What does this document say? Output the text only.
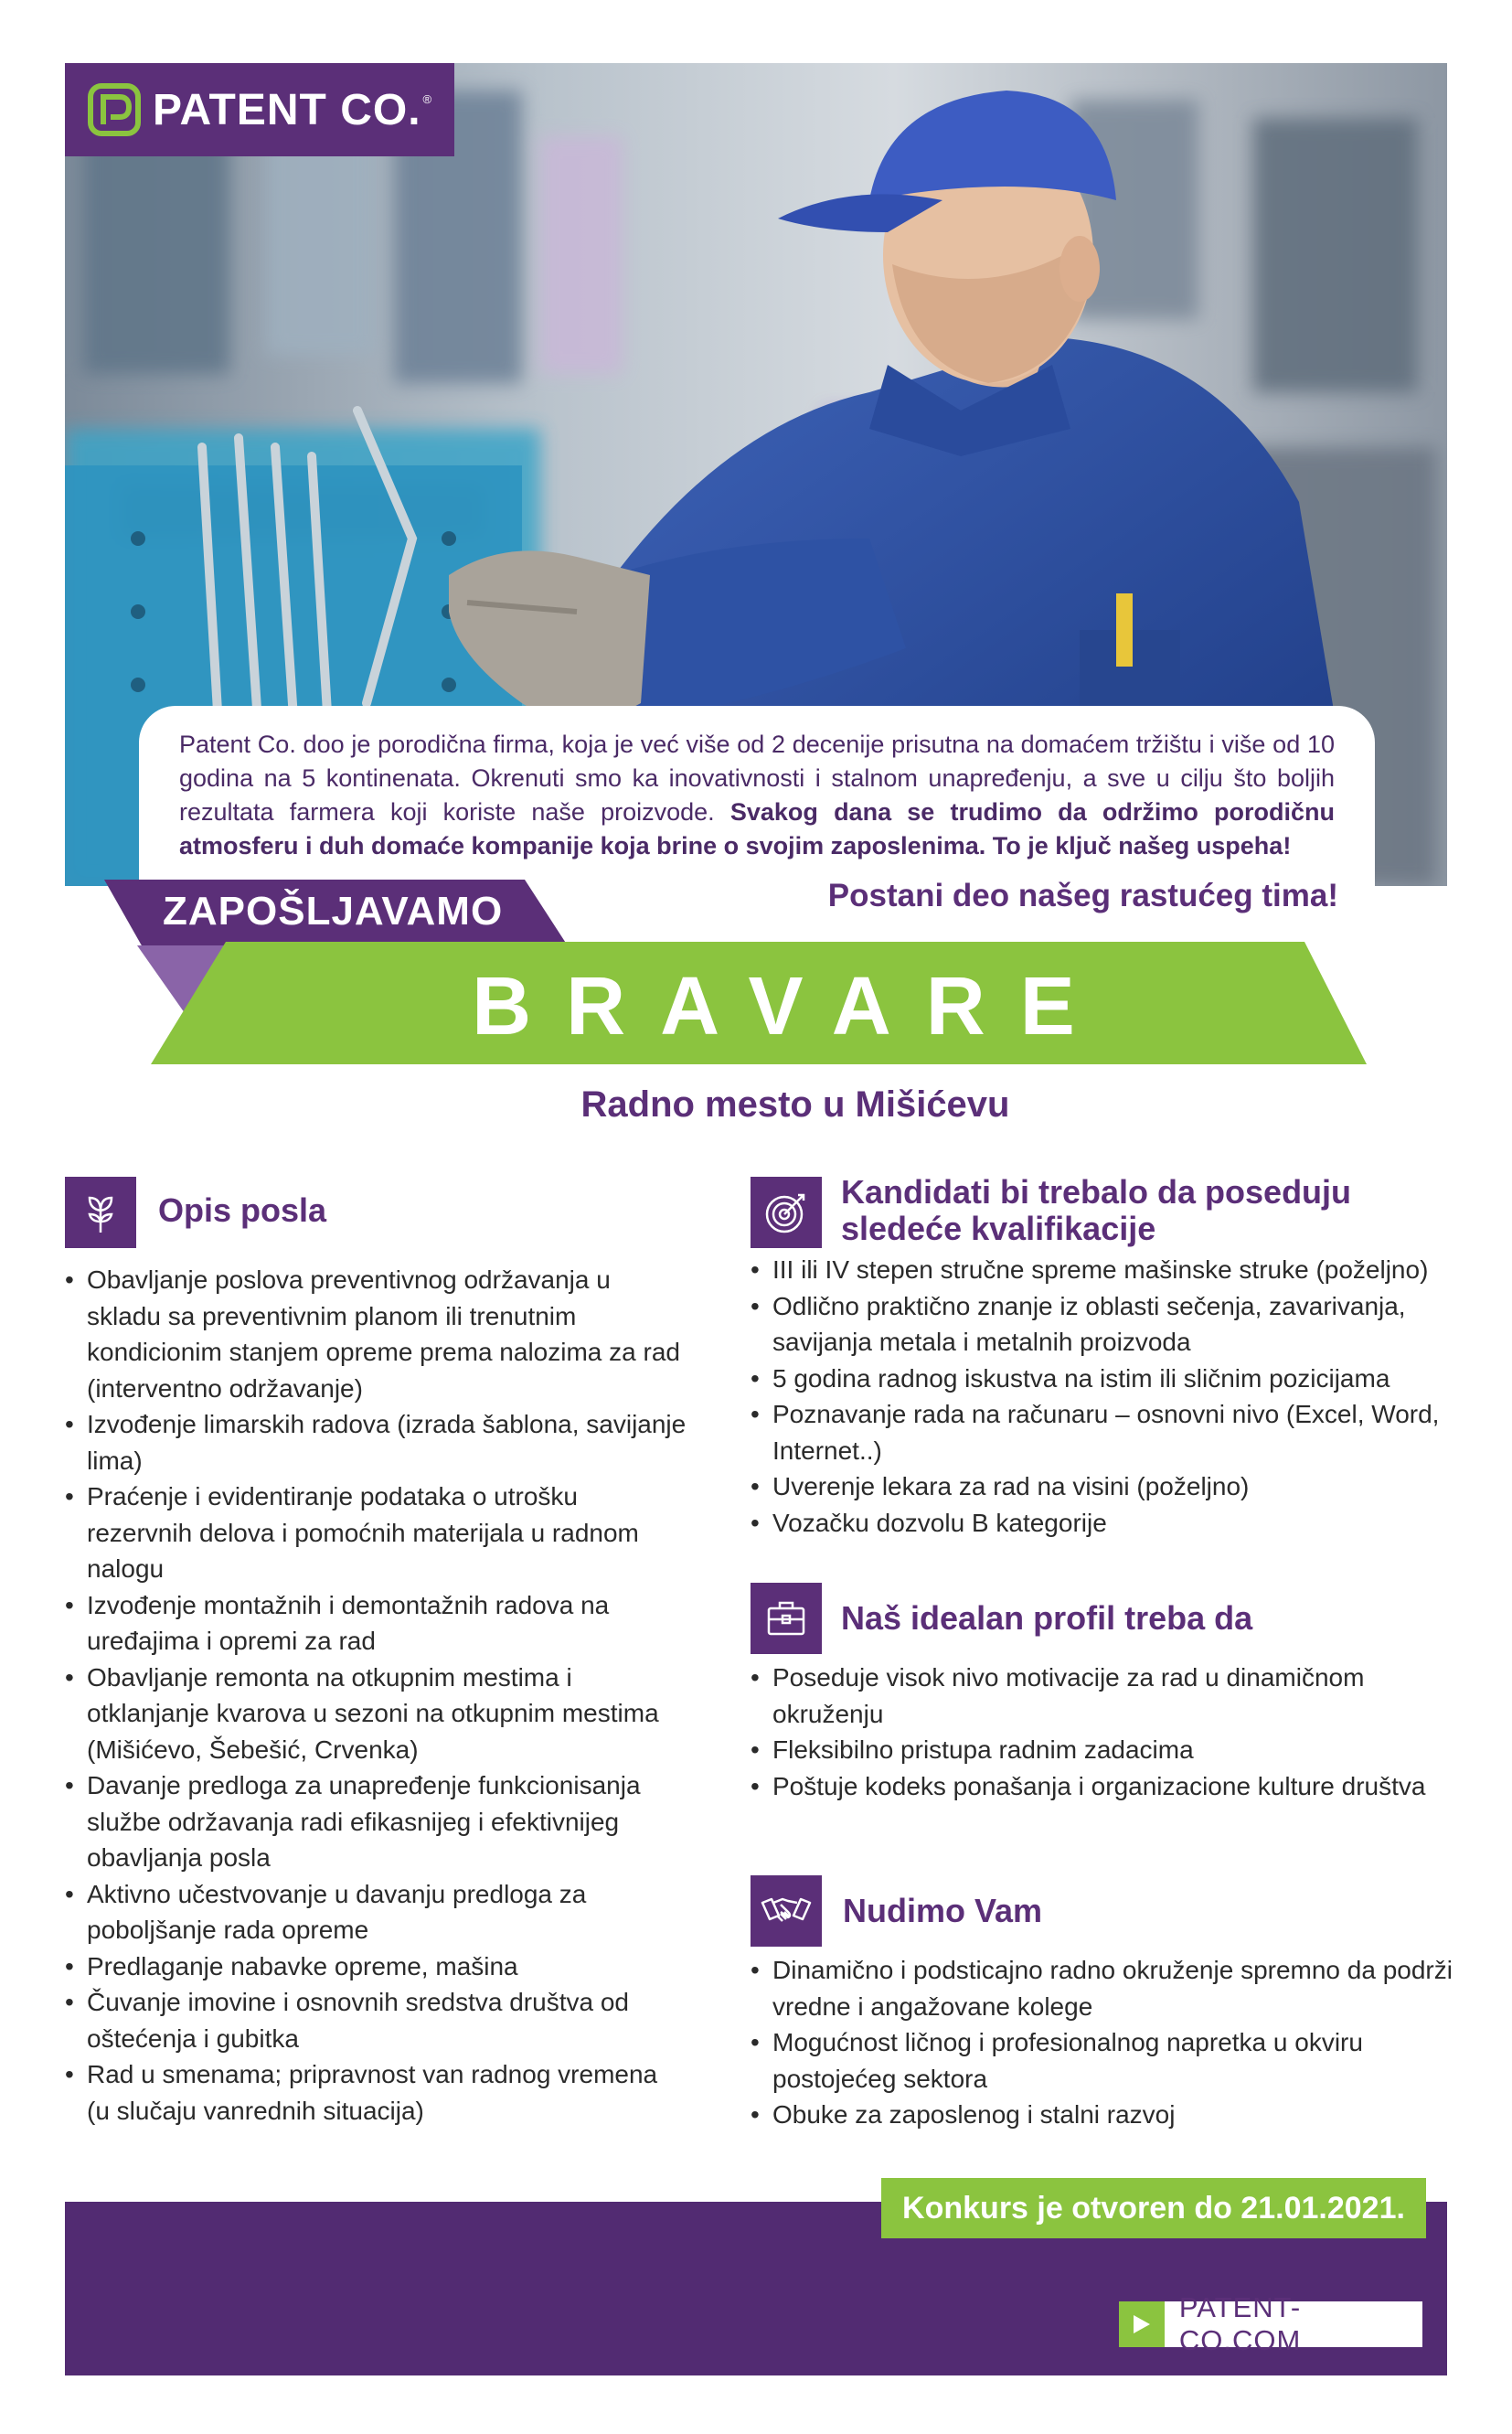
PATENT CO. ®
Patent Co. doo je porodična firma, koja je već više od 2 decenije prisutna na domaćem tržištu i više od 10 godina na 5 kontinenata. Okrenuti smo ka inovativnosti i stalnom unapređenju, a sve u cilju što boljih rezultata farmera koji koriste naše proizvode. Svakog dana se trudimo da održimo porodičnu atmosferu i duh domaće kompanije koja brine o svojim zaposlenima. To je ključ našeg uspeha!
ZAPOŠLJAVAMO	Postani deo našeg rastućeg tima!
BRAVARE
Radno mesto u Mišićevu
Opis posla
• Obavljanje poslova preventivnog održavanja u skladu sa preventivnim planom ili trenutnim kondicionim stanjem opreme prema nalozima za rad (interventno održavanje)
• Izvođenje limarskih radova (izrada šablona, savijanje lima)
• Praćenje i evidentiranje podataka o utrošku rezervnih delova i pomoćnih materijala u radnom nalogu
• Izvođenje montažnih i demontažnih radova na uređajima i opremi za rad
• Obavljanje remonta na otkupnim mestima i otklanjanje kvarova u sezoni na otkupnim mestima (Mišićevo, Šebešić, Crvenka)
• Davanje predloga za unapređenje funkcionisanja službe održavanja radi efikasnijeg i efektivnijeg obavljanja posla
• Aktivno učestvovanje u davanju predloga za poboljšanje rada opreme
• Predlaganje nabavke opreme, mašina
• Čuvanje imovine i osnovnih sredstva društva od oštećenja i gubitka
• Rad u smenama; pripravnost van radnog vremena (u slučaju vanrednih situacija)
Kandidati bi trebalo da poseduju
sledeće kvalifikacije
• III ili IV stepen stručne spreme mašinske struke (poželjno)
• Odlično praktično znanje iz oblasti sečenja, zavarivanja, savijanja metala i metalnih proizvoda
• 5 godina radnog iskustva na istim ili sličnim pozicijama
• Poznavanje rada na računaru – osnovni nivo (Excel, Word, Internet..)
• Uverenje lekara za rad na visini (poželjno)
• Vozačku dozvolu B kategorije
Naš idealan profil treba da
• Poseduje visok nivo motivacije za rad u dinamičnom okruženju
• Fleksibilno pristupa radnim zadacima
• Poštuje kodeks ponašanja i organizacione kulture društva
Nudimo Vam
• Dinamično i podsticajno radno okruženje spremno da podrži vredne i angažovane kolege
• Mogućnost ličnog i profesionalnog napretka u okviru postojećeg sektora
• Obuke za zaposlenog i stalni razvoj
Konkurs je otvoren do 21.01.2021.
PATENT-CO.COM
